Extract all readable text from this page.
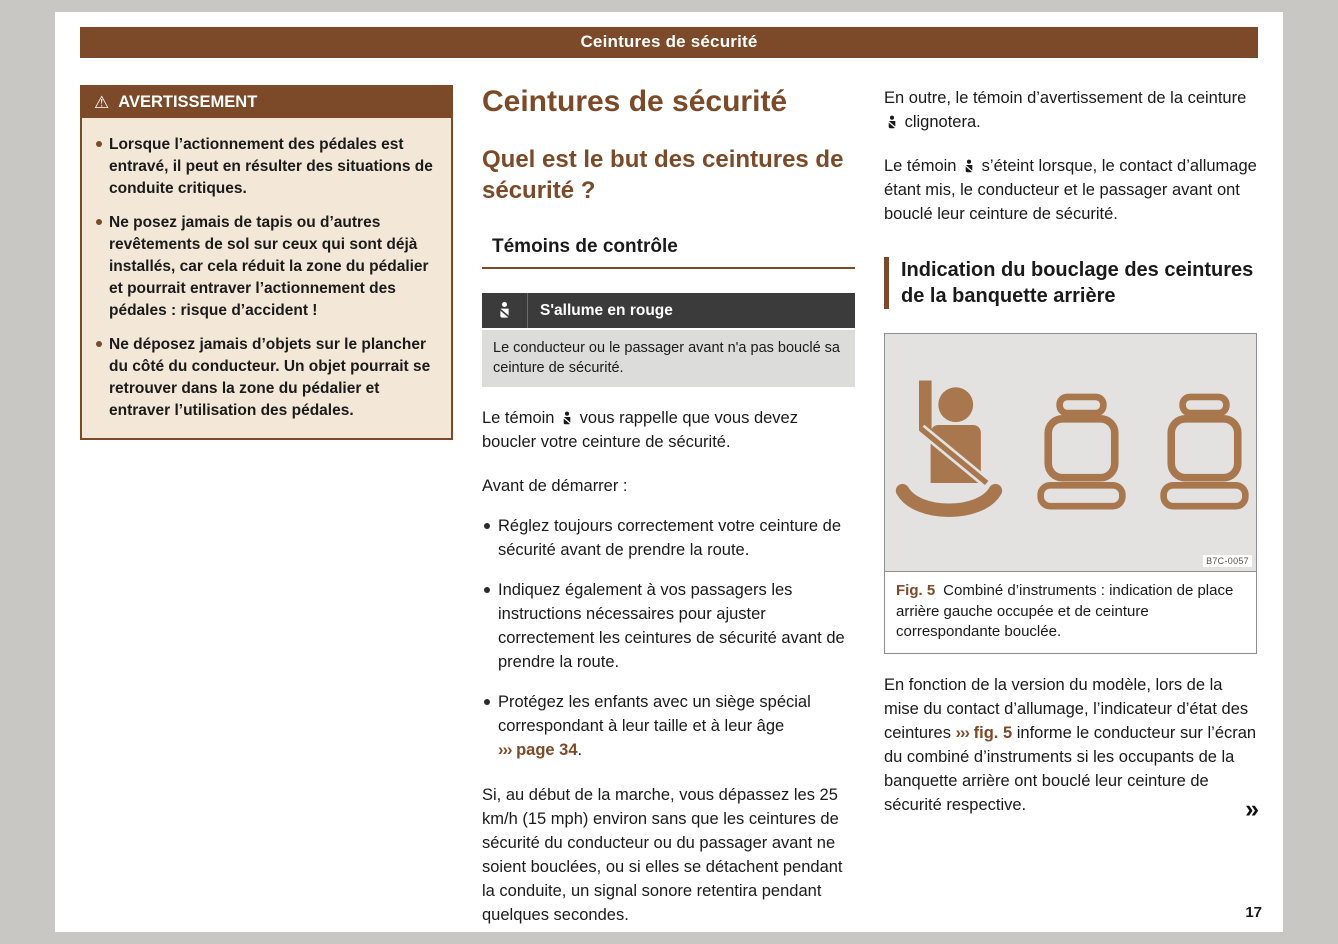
Ceintures de sécurité
⚠ AVERTISSEMENT
Lorsque l’actionnement des pédales est entravé, il peut en résulter des situations de conduite critiques.
Ne posez jamais de tapis ou d’autres revêtements de sol sur ceux qui sont déjà installés, car cela réduit la zone du pédalier et pourrait entraver l’actionnement des pédales : risque d’accident !
Ne déposez jamais d’objets sur le plancher du côté du conducteur. Un objet pourrait se retrouver dans la zone du pédalier et entraver l’utilisation des pédales.
Ceintures de sécurité
Quel est le but des ceintures de sécurité ?
Témoins de contrôle
S'allume en rouge
Le conducteur ou le passager avant n'a pas bouclé sa ceinture de sécurité.

Le témoin vous rappelle que vous devez boucler votre ceinture de sécurité.

Avant de démarrer :

Réglez toujours correctement votre ceinture de sécurité avant de prendre la route.
Indiquez également à vos passagers les instructions nécessaires pour ajuster correctement les ceintures de sécurité avant de prendre la route.
Protégez les enfants avec un siège spécial correspondant à leur taille et à leur âge ››› page 34.

Si, au début de la marche, vous dépassez les 25 km/h (15 mph) environ sans que les ceintures de sécurité du conducteur ou du passager avant ne soient bouclées, ou si elles se détachent pendant la conduite, un signal sonore retentira pendant quelques secondes.

En outre, le témoin d’avertissement de la ceinture  clignotera.

Le témoin s’éteint lorsque, le contact d’allumage étant mis, le conducteur et le passager avant ont bouclé leur ceinture de sécurité.

Indication du bouclage des ceintures de la banquette arrière
B7C-0057
Fig. 5 Combiné d’instruments : indication de place arrière gauche occupée et de ceinture correspondante bouclée.

En fonction de la version du modèle, lors de la mise du contact d’allumage, l’indicateur d’état des ceintures ››› fig. 5 informe le conducteur sur l’écran du combiné d’instruments si les occupants de la banquette arrière ont bouclé leur ceinture de sécurité respective.	»

17
